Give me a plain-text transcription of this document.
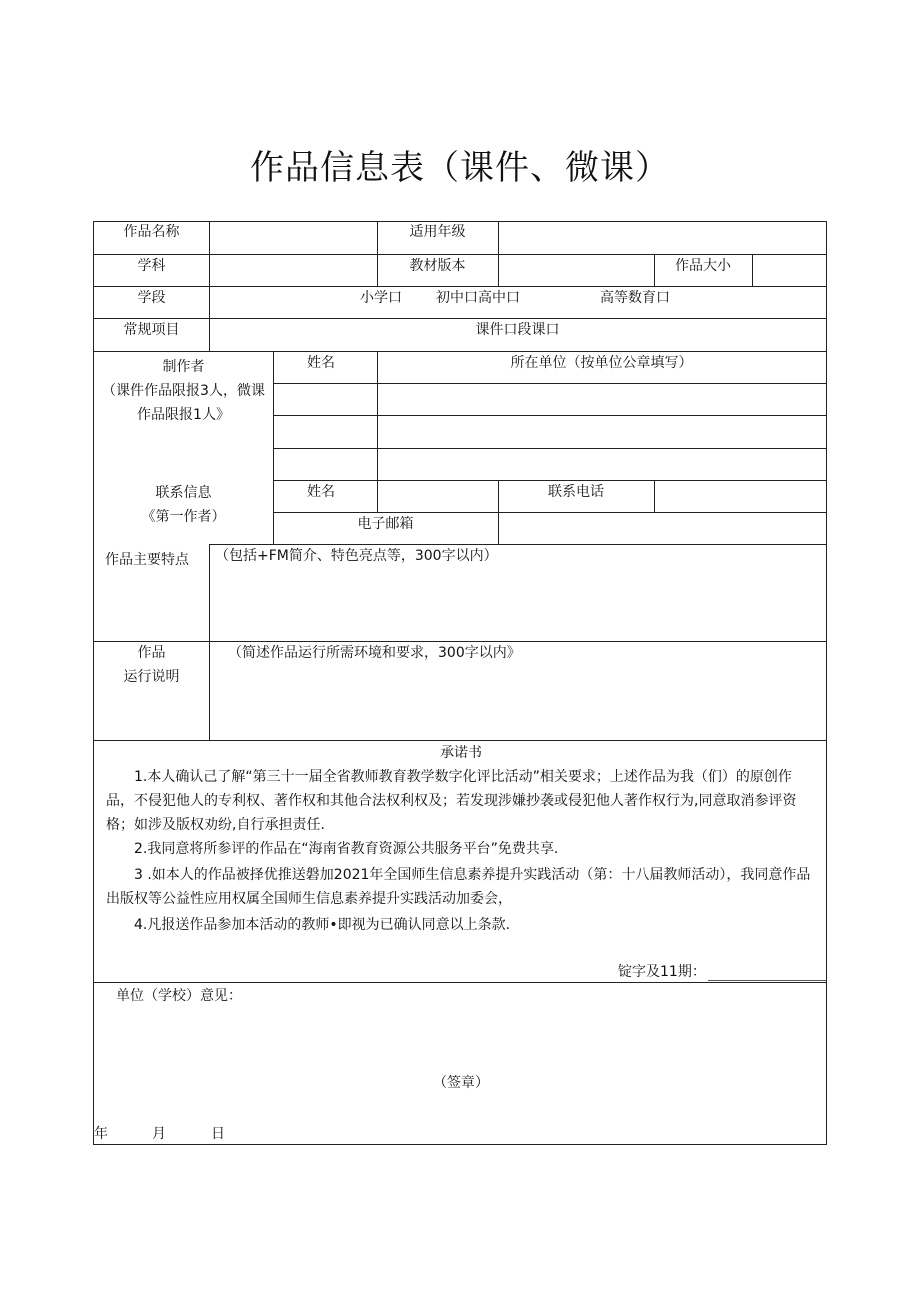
作品信息表（课件、微课）
作品名称	适用年级
学科	教材版本	作品大小
学段	小学口 初中口高中口	高等数育口
常规项目	课件口段课口
制作者
（课件作品限报3人，微课
作品限报1人》
姓名	所在单位（按单位公章填写）
联系信息
《第一作者）
姓名	联系电话
电子邮箱
作品主要特点 （包括+FM简介、特色亮点等，300字以内）
作品
运行说明
（简述作品运行所需环境和要求，300字以内》
承诺书
1.本人确认己了解“第三十一届全省教师教育教学数字化评比活动”相关要求；上述作品为我（们）的原创作品，不侵犯他人的专利权、著作权和其他合法权利权及；若发现涉嫌抄袭或侵犯他人著作权行为,同意取消参评资格；如涉及版权劝纷,自行承担责任.
2.我同意将所参评的作品在“海南省教育资源公共服务平台”免费共享.
3 .如本人的作品被择优推送磐加2021年全国师生信息素养提升实践活动（第：十八届教师活动），我同意作品出版权等公益性应用权属全国师生信息素养提升实践活动加委会，
4.凡报送作品参加本活动的教师•即视为已确认同意以上条款.
锭字及11期：
单位（学校）意见：
（签章）
年	月	日
